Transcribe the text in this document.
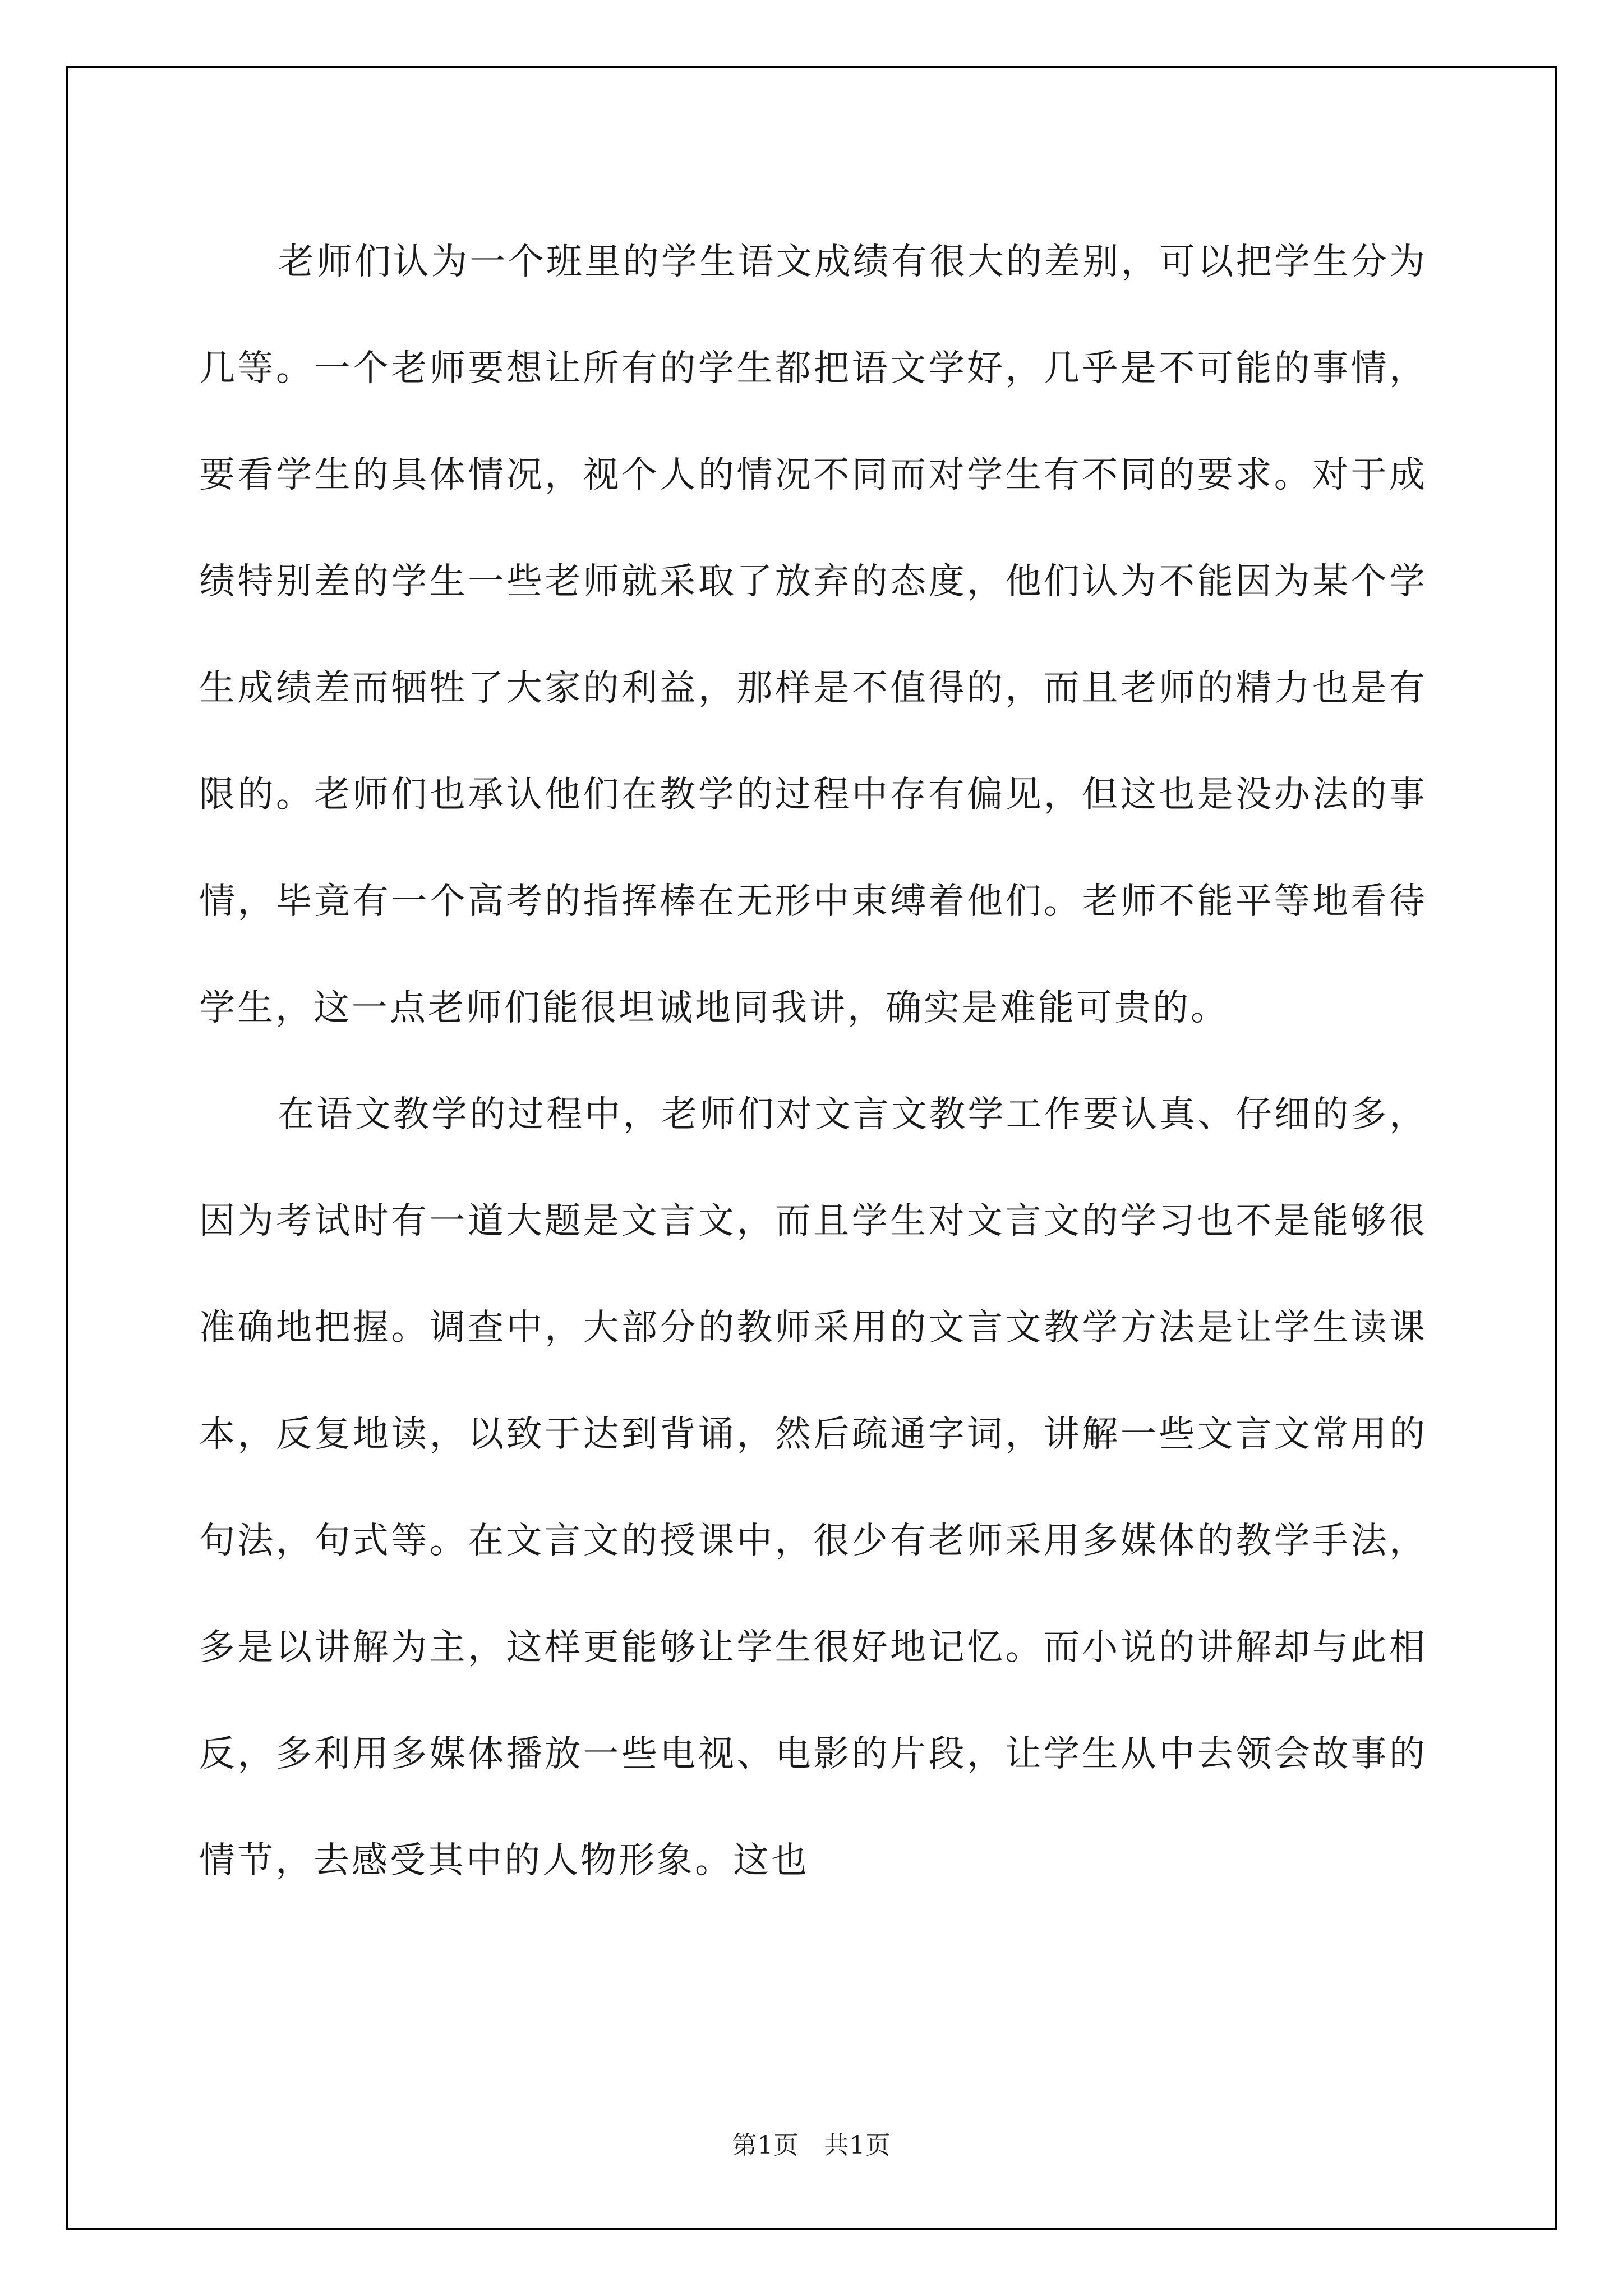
老师们认为一个班里的学生语文成绩有很大的差别，可以把学生分为几等。一个老师要想让所有的学生都把语文学好，几乎是不可能的事情，要看学生的具体情况，视个人的情况不同而对学生有不同的要求。对于成绩特别差的学生一些老师就采取了放弃的态度，他们认为不能因为某个学生成绩差而牺牲了大家的利益，那样是不值得的，而且老师的精力也是有限的。老师们也承认他们在教学的过程中存有偏见，但这也是没办法的事情，毕竟有一个高考的指挥棒在无形中束缚着他们。老师不能平等地看待学生，这一点老师们能很坦诚地同我讲，确实是难能可贵的。

在语文教学的过程中，老师们对文言文教学工作要认真、仔细的多，因为考试时有一道大题是文言文，而且学生对文言文的学习也不是能够很准确地把握。调查中，大部分的教师采用的文言文教学方法是让学生读课本，反复地读，以致于达到背诵，然后疏通字词，讲解一些文言文常用的句法，句式等。在文言文的授课中，很少有老师采用多媒体的教学手法，多是以讲解为主，这样更能够让学生很好地记忆。而小说的讲解却与此相反，多利用多媒体播放一些电视、电影的片段，让学生从中去领会故事的情节，去感受其中的人物形象。这也

第1页   共1页
